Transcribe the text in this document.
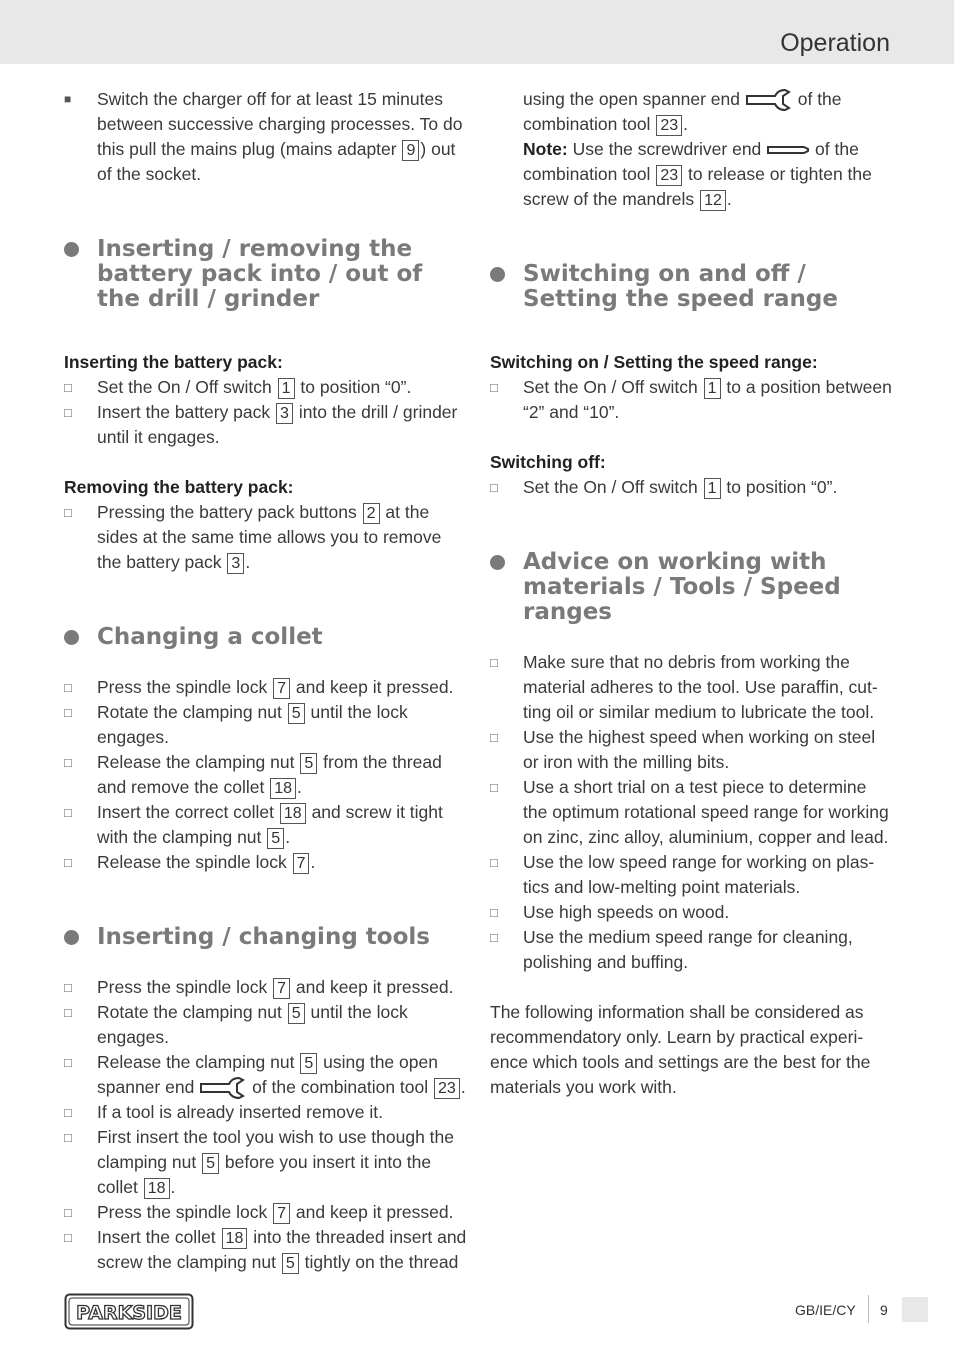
Operation
■
Switch the charger off for at least 15 minutes between successive charging processes. To do this pull the mains plug (mains adapter 9 ) out of the socket.
Inserting / removing the battery pack into / out of the drill / grinder
Inserting the battery pack:
□
Set the On / Off switch 1 to position “0”.
□
Insert the battery pack 3 into the drill / grinder until it engages.
Removing the battery pack:
□
Pressing the battery pack buttons 2 at the sides at the same time allows you to remove the battery pack 3 .
Changing a collet
□
Press the spindle lock 7 and keep it pressed.
□
Rotate the clamping nut 5 until the lock engages.
□
Release the clamping nut 5 from the thread and remove the collet 18 .
□
Insert the correct collet 18 and screw it tight with the clamping nut 5 .
□
Release the spindle lock 7 .
Inserting / changing tools
□
Press the spindle lock 7 and keep it pressed.
□
Rotate the clamping nut 5 until the lock engages.
□
Release the clamping nut 5 using the open spanner end	of the combination tool 23 .
□
If a tool is already inserted remove it.
□
First insert the tool you wish to use though the clamping nut 5 before you insert it into the collet 18 .
□
Press the spindle lock 7 and keep it pressed.
□
Insert the collet 18 into the threaded insert and screw the clamping nut 5 tightly on the thread
using the open spanner end	of the combination tool 23 .
Note: Use the screwdriver end	of the combination tool 23 to release or tighten the screw of the mandrels 12 .
Switching on and off / Setting the speed range
Switching on / Setting the speed range:
□
Set the On / Off switch 1 to a position between “2” and “10”.
Switching off:
□
Set the On / Off switch 1 to position “0”.
Advice on working with materials / Tools / Speed ranges
□
Make sure that no debris from working the material adheres to the tool. Use paraffin, cut-ting oil or similar medium to lubricate the tool.
□
Use the highest speed when working on steel or iron with the milling bits.
□
Use a short trial on a test piece to determine the optimum rotational speed range for working on zinc, zinc alloy, aluminium, copper and lead.
□
Use the low speed range for working on plas-tics and low-melting point materials.
□
Use high speeds on wood.
□
Use the medium speed range for cleaning, polishing and buffing.
The following information shall be considered as recommendatory only. Learn by practical experi-ence which tools and settings are the best for the materials you work with.
PARKSIDE	GB/IE/CY 9
